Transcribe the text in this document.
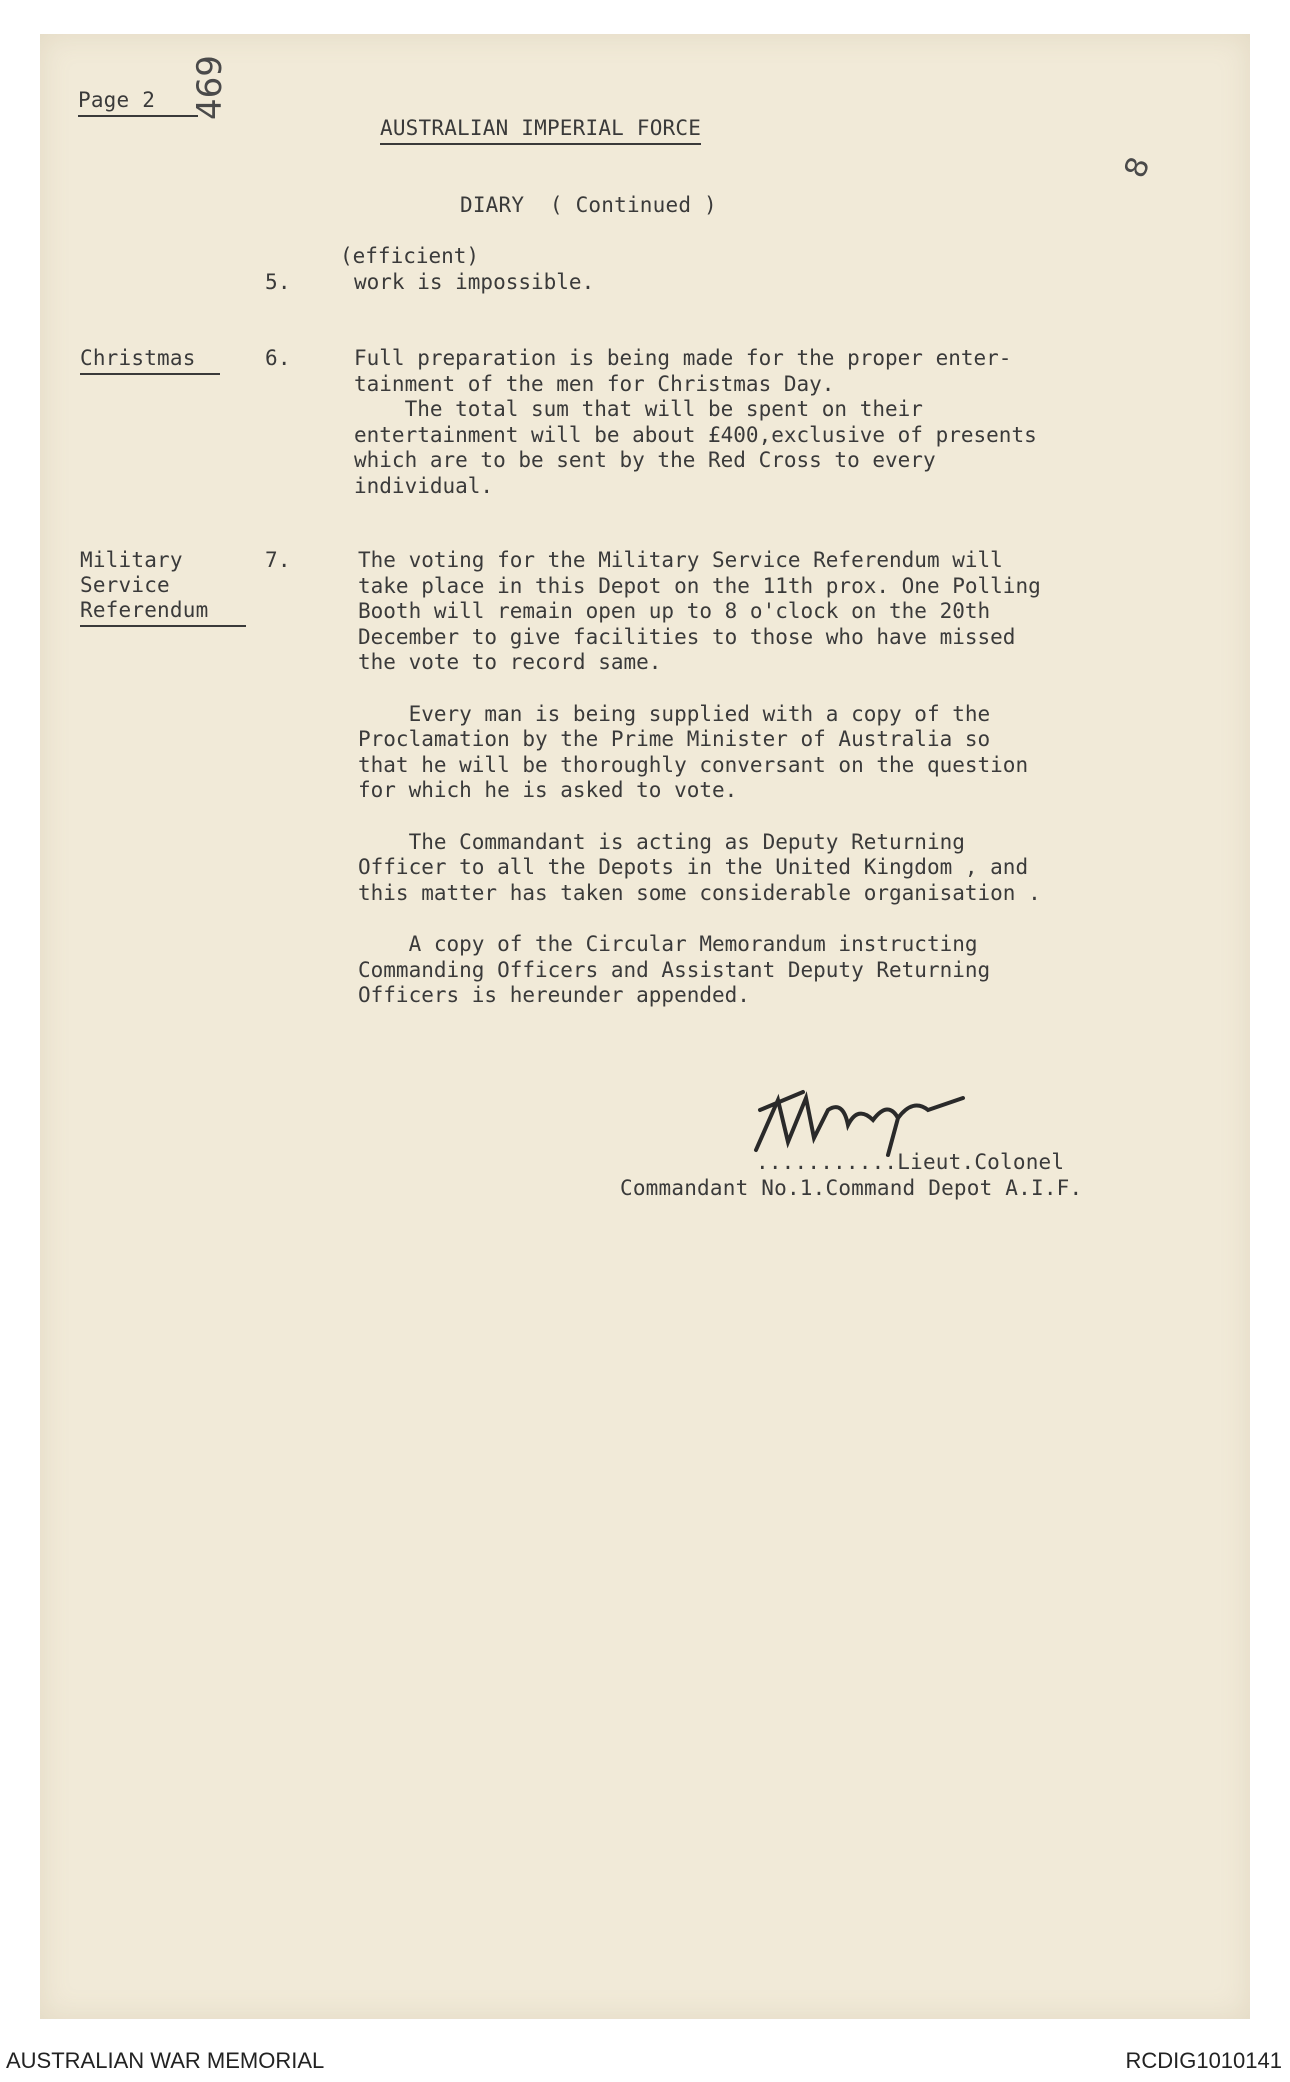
Page 2	469
8
AUSTRALIAN IMPERIAL FORCE
DIARY  ( Continued )
5.
(efficient)
work is impossible.
Christmas	6.	Full preparation is being made for the proper enter-
tainment of the men for Christmas Day.
The total sum that will be spent on their
entertainment will be about £400,exclusive of presents
which are to be sent by the Red Cross to every
individual.
Military
Service
Referendum
7.	The voting for the Military Service Referendum will
take place in this Depot on the 11th prox. One Polling
Booth will remain open up to 8 o'clock on the 20th
December to give facilities to those who have missed
the vote to record same.
Every man is being supplied with a copy of the
Proclamation by the Prime Minister of Australia so
that he will be thoroughly conversant on the question
for which he is asked to vote.
The Commandant is acting as Deputy Returning
Officer to all the Depots in the United Kingdom , and
this matter has taken some considerable organisation .
A copy of the Circular Memorandum instructing
Commanding Officers and Assistant Deputy Returning
Officers is hereunder appended.
...........Lieut.Colonel
Commandant No.1.Command Depot A.I.F.
AUSTRALIAN WAR MEMORIAL	RCDIG1010141
